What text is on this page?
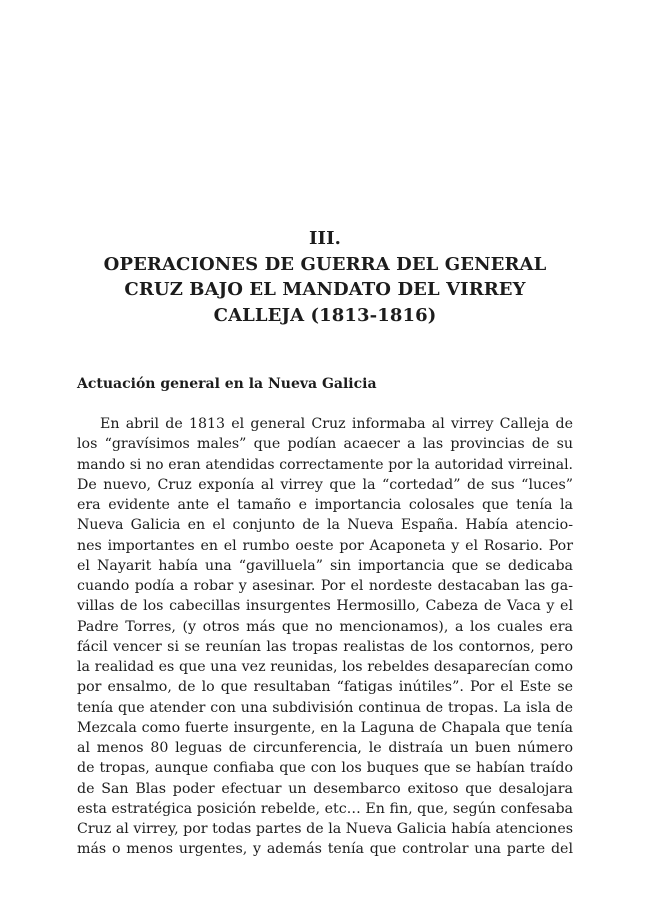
III.
OPERACIONES DE GUERRA DEL GENERAL
CRUZ BAJO EL MANDATO DEL VIRREY
CALLEJA (1813-1816)
Actuación general en la Nueva Galicia
En abril de 1813 el general Cruz informaba al virrey Calleja de
los “gravísimos males” que podían acaecer a las provincias de su
mando si no eran atendidas correctamente por la autoridad virreinal.
De nuevo, Cruz exponía al virrey que la “cortedad” de sus “luces”
era evidente ante el tamaño e importancia colosales que tenía la
Nueva Galicia en el conjunto de la Nueva España. Había atencio-
nes importantes en el rumbo oeste por Acaponeta y el Rosario. Por
el Nayarit había una “gavilluela” sin importancia que se dedicaba
cuando podía a robar y asesinar. Por el nordeste destacaban las ga-
villas de los cabecillas insurgentes Hermosillo, Cabeza de Vaca y el
Padre Torres, (y otros más que no mencionamos), a los cuales era
fácil vencer si se reunían las tropas realistas de los contornos, pero
la realidad es que una vez reunidas, los rebeldes desaparecían como
por ensalmo, de lo que resultaban “fatigas inútiles”. Por el Este se
tenía que atender con una subdivisión continua de tropas. La isla de
Mezcala como fuerte insurgente, en la Laguna de Chapala que tenía
al menos 80 leguas de circunferencia, le distraía un buen número
de tropas, aunque confiaba que con los buques que se habían traído
de San Blas poder efectuar un desembarco exitoso que desalojara
esta estratégica posición rebelde, etc… En fin, que, según confesaba
Cruz al virrey, por todas partes de la Nueva Galicia había atenciones
más o menos urgentes, y además tenía que controlar una parte del
